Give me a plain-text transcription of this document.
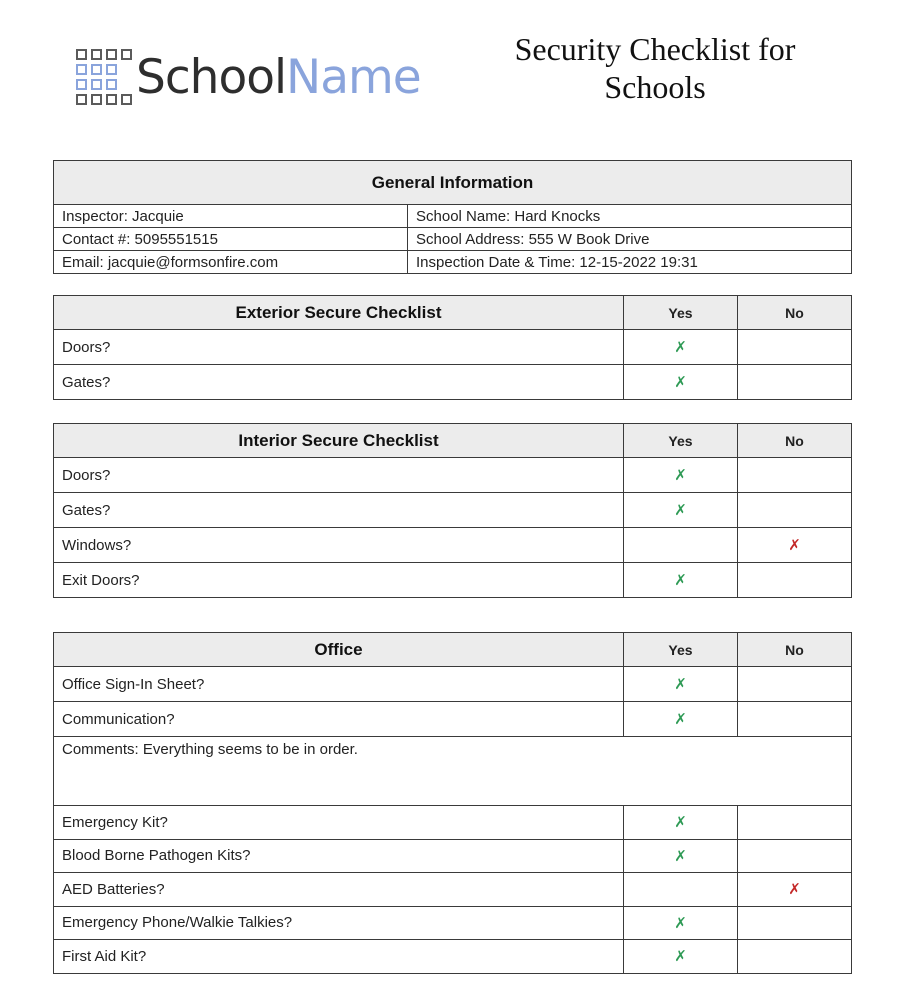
SchoolName
Security Checklist for
Schools
General Information	
Inspector: Jacquie	School Name: Hard Knocks
Contact #: 5095551515	School Address: 555 W Book Drive
Email: jacquie@formsonfire.com	Inspection Date & Time: 12-15-2022 19:31
Exterior Secure Checklist	Yes	No
Doors?	✗	
Gates?	✗	
Interior Secure Checklist	Yes	No
Doors?	✗	
Gates?	✗	
Windows?		✗
Exit Doors?	✗	
Office	Yes	No
Office Sign-In Sheet?	✗	
Communication?	✗	
Comments: Everything seems to be in order.		
Emergency Kit?	✗	
Blood Borne Pathogen Kits?	✗	
AED Batteries?		✗
Emergency Phone/Walkie Talkies?	✗	
First Aid Kit?	✗	
